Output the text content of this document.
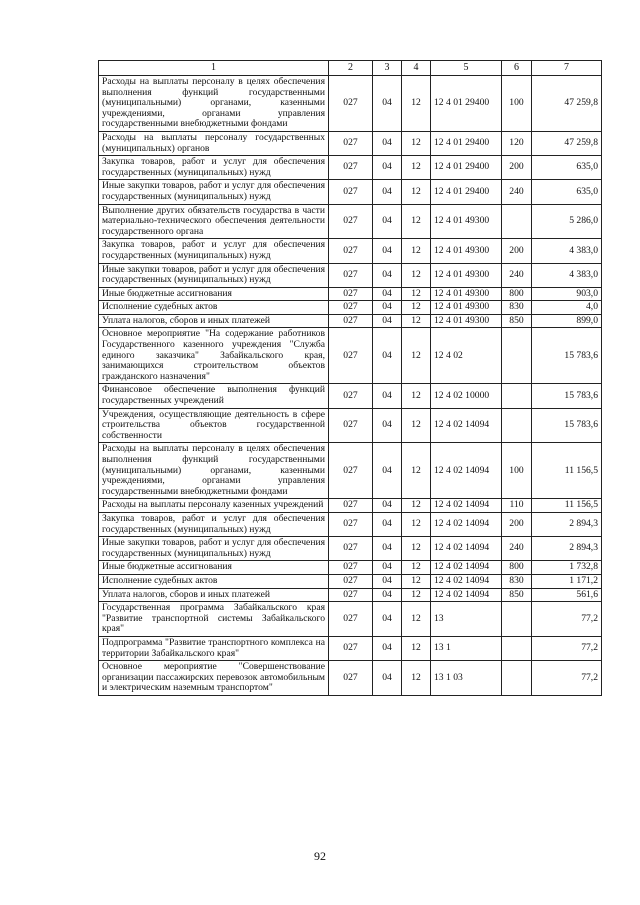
1	2	3	4	5	6	7
Расходы на выплаты персоналу в целях обеспечения выполнения функций государственными (муниципальными) органами, казенными учреждениями, органами управления государственными внебюджетными фондами	027	04	12	12 4 01 29400	100	47 259,8
Расходы на выплаты персоналу государственных (муниципальных) органов	027	04	12	12 4 01 29400	120	47 259,8
Закупка товаров, работ и услуг для обеспечения государственных (муниципальных) нужд	027	04	12	12 4 01 29400	200	635,0
Иные закупки товаров, работ и услуг для обеспечения государственных (муниципальных) нужд	027	04	12	12 4 01 29400	240	635,0
Выполнение других обязательств государства в части материально-технического обеспечения деятельности государственного органа	027	04	12	12 4 01 49300		5 286,0
Закупка товаров, работ и услуг для обеспечения государственных (муниципальных) нужд	027	04	12	12 4 01 49300	200	4 383,0
Иные закупки товаров, работ и услуг для обеспечения государственных (муниципальных) нужд	027	04	12	12 4 01 49300	240	4 383,0
Иные бюджетные ассигнования	027	04	12	12 4 01 49300	800	903,0
Исполнение судебных актов	027	04	12	12 4 01 49300	830	4,0
Уплата налогов, сборов и иных платежей	027	04	12	12 4 01 49300	850	899,0
Основное мероприятие "На содержание работников Государственного казенного учреждения "Служба единого заказчика" Забайкальского края, занимающихся строительством объектов гражданского назначения"	027	04	12	12 4 02		15 783,6
Финансовое обеспечение выполнения функций государственных учреждений	027	04	12	12 4 02 10000		15 783,6
Учреждения, осуществляющие деятельность в сфере строительства объектов государственной собственности	027	04	12	12 4 02 14094		15 783,6
Расходы на выплаты персоналу в целях обеспечения выполнения функций государственными (муниципальными) органами, казенными учреждениями, органами управления государственными внебюджетными фондами	027	04	12	12 4 02 14094	100	11 156,5
Расходы на выплаты персоналу казенных учреждений	027	04	12	12 4 02 14094	110	11 156,5
Закупка товаров, работ и услуг для обеспечения государственных (муниципальных) нужд	027	04	12	12 4 02 14094	200	2 894,3
Иные закупки товаров, работ и услуг для обеспечения государственных (муниципальных) нужд	027	04	12	12 4 02 14094	240	2 894,3
Иные бюджетные ассигнования	027	04	12	12 4 02 14094	800	1 732,8
Исполнение судебных актов	027	04	12	12 4 02 14094	830	1 171,2
Уплата налогов, сборов и иных платежей	027	04	12	12 4 02 14094	850	561,6
Государственная программа Забайкальского края "Развитие транспортной системы Забайкальского края"	027	04	12	13		77,2
Подпрограмма "Развитие транспортного комплекса на территории Забайкальского края"	027	04	12	13 1		77,2
Основное мероприятие "Совершенствование организации пассажирских перевозок автомобильным и электрическим наземным транспортом"	027	04	12	13 1 03		77,2
92
